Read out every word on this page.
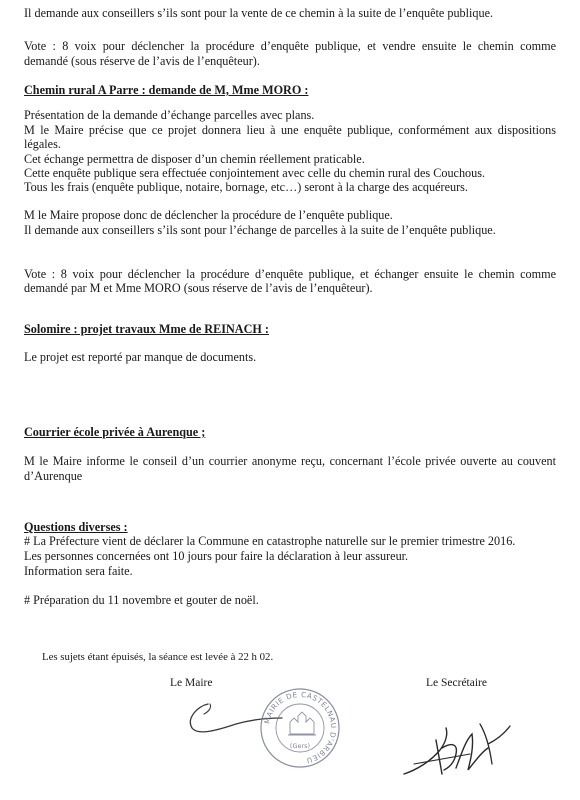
Il demande aux conseillers s’ils sont pour la vente de ce chemin à la suite de l’enquête publique.
Vote : 8 voix pour déclencher la procédure d’enquête publique, et vendre ensuite le chemin comme
demandé (sous réserve de l’avis de l’enquêteur).
Chemin rural A Parre : demande de M, Mme MORO :
Présentation de la demande d’échange parcelles avec plans.
M le Maire précise que ce projet donnera lieu à une enquête publique, conformément aux dispositions
légales.
Cet échange permettra de disposer d’un chemin réellement praticable.
Cette enquête publique sera effectuée conjointement avec celle du chemin rural des Couchous.
Tous les frais (enquête publique, notaire, bornage, etc…) seront à la charge des acquéreurs.
M le Maire propose donc de déclencher la procédure de l’enquête publique.
Il demande aux conseillers s’ils sont pour l’échange de parcelles à la suite de l’enquête publique.
Vote : 8 voix pour déclencher la procédure d’enquête publique, et échanger ensuite le chemin comme
demandé par M et Mme MORO (sous réserve de l’avis de l’enquêteur).
Solomire : projet travaux Mme de REINACH :
Le projet est reporté par manque de documents.
Courrier école privée à Aurenque ;
M le Maire informe le conseil d’un courrier anonyme reçu, concernant l’école privée ouverte au couvent
d’Aurenque
Questions diverses :
# La Préfecture vient de déclarer la Commune en catastrophe naturelle sur le premier trimestre 2016.
Les personnes concernées ont 10 jours pour faire la déclaration à leur assureur.
Information sera faite.
# Préparation du 11 novembre et gouter de noël.
Les sujets étant épuisés, la séance est levée à 22 h 02.
Le Maire	Le Secrétaire
MAIRIE DE CASTELNAU D'ARBIEU
(Gers)
